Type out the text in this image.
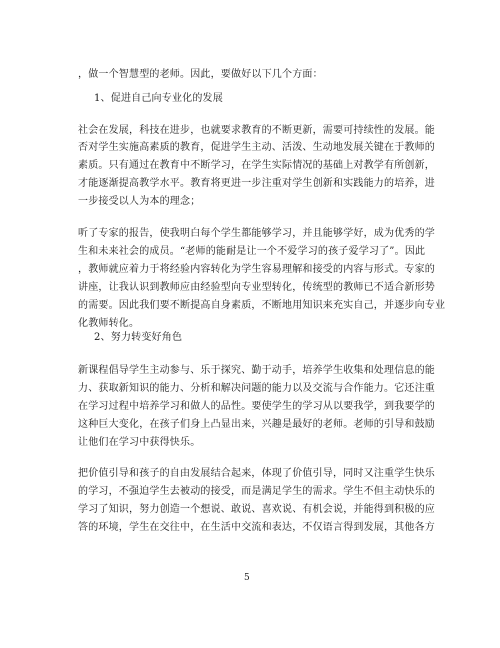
，做一个智慧型的老师。因此，要做好以下几个方面：
1、促进自己向专业化的发展
社会在发展，科技在进步，也就要求教育的不断更新，需要可持续性的发展。能
否对学生实施高素质的教育，促进学生主动、活泼、生动地发展关键在于教师的
素质。只有通过在教育中不断学习，在学生实际情况的基础上对教学有所创新，
才能逐渐提高教学水平。教育将更进一步注重对学生创新和实践能力的培养，进
一步接受以人为本的理念；
听了专家的报告，使我明白每个学生都能够学习，并且能够学好，成为优秀的学
生和未来社会的成员。“老师的能耐是让一个不爱学习的孩子爱学习了”。因此
，教师就应着力于将经验内容转化为学生容易理解和接受的内容与形式。专家的
讲座，让我认识到教师应由经验型向专业型转化，传统型的教师已不适合新形势
的需要。因此我们要不断提高自身素质，不断地用知识来充实自己，并逐步向专业
化教师转化。
2、努力转变好角色
新课程倡导学生主动参与、乐于探究、勤于动手，培养学生收集和处理信息的能
力、获取新知识的能力、分析和解决问题的能力以及交流与合作能力。它还注重
在学习过程中培养学习和做人的品性。要使学生的学习从以要我学，到我要学的
这种巨大变化，在孩子们身上凸显出来，兴趣是最好的老师。老师的引导和鼓励
让他们在学习中获得快乐。
把价值引导和孩子的自由发展结合起来，体现了价值引导，同时又注重学生快乐
的学习，不强迫学生去被动的接受，而是满足学生的需求。学生不但主动快乐的
学习了知识，努力创造一个想说、敢说、喜欢说、有机会说，并能得到积极的应
答的环境，学生在交往中，在生活中交流和表达，不仅语言得到发展，其他各方
5
